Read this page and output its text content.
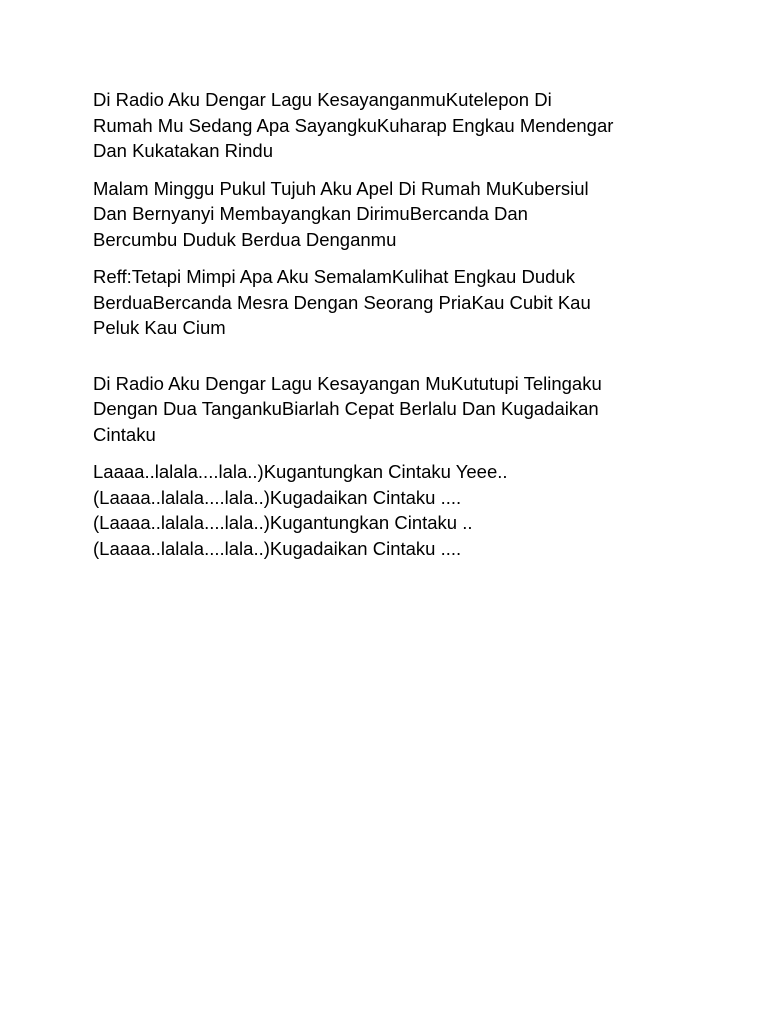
Di Radio Aku Dengar Lagu KesayanganmuKutelepon Di
Rumah Mu Sedang Apa SayangkuKuharap Engkau Mendengar
Dan Kukatakan Rindu

Malam Minggu Pukul Tujuh Aku Apel Di Rumah MuKubersiul
Dan Bernyanyi Membayangkan DirimuBercanda Dan
Bercumbu Duduk Berdua Denganmu

Reff:Tetapi Mimpi Apa Aku SemalamKulihat Engkau Duduk
BerduaBercanda Mesra Dengan Seorang PriaKau Cubit Kau
Peluk Kau Cium

Di Radio Aku Dengar Lagu Kesayangan MuKututupi Telingaku
Dengan Dua TangankuBiarlah Cepat Berlalu Dan Kugadaikan
Cintaku

Laaaa..lalala....lala..)Kugantungkan Cintaku Yeee..
(Laaaa..lalala....lala..)Kugadaikan Cintaku ....
(Laaaa..lalala....lala..)Kugantungkan Cintaku ..
(Laaaa..lalala....lala..)Kugadaikan Cintaku ....
